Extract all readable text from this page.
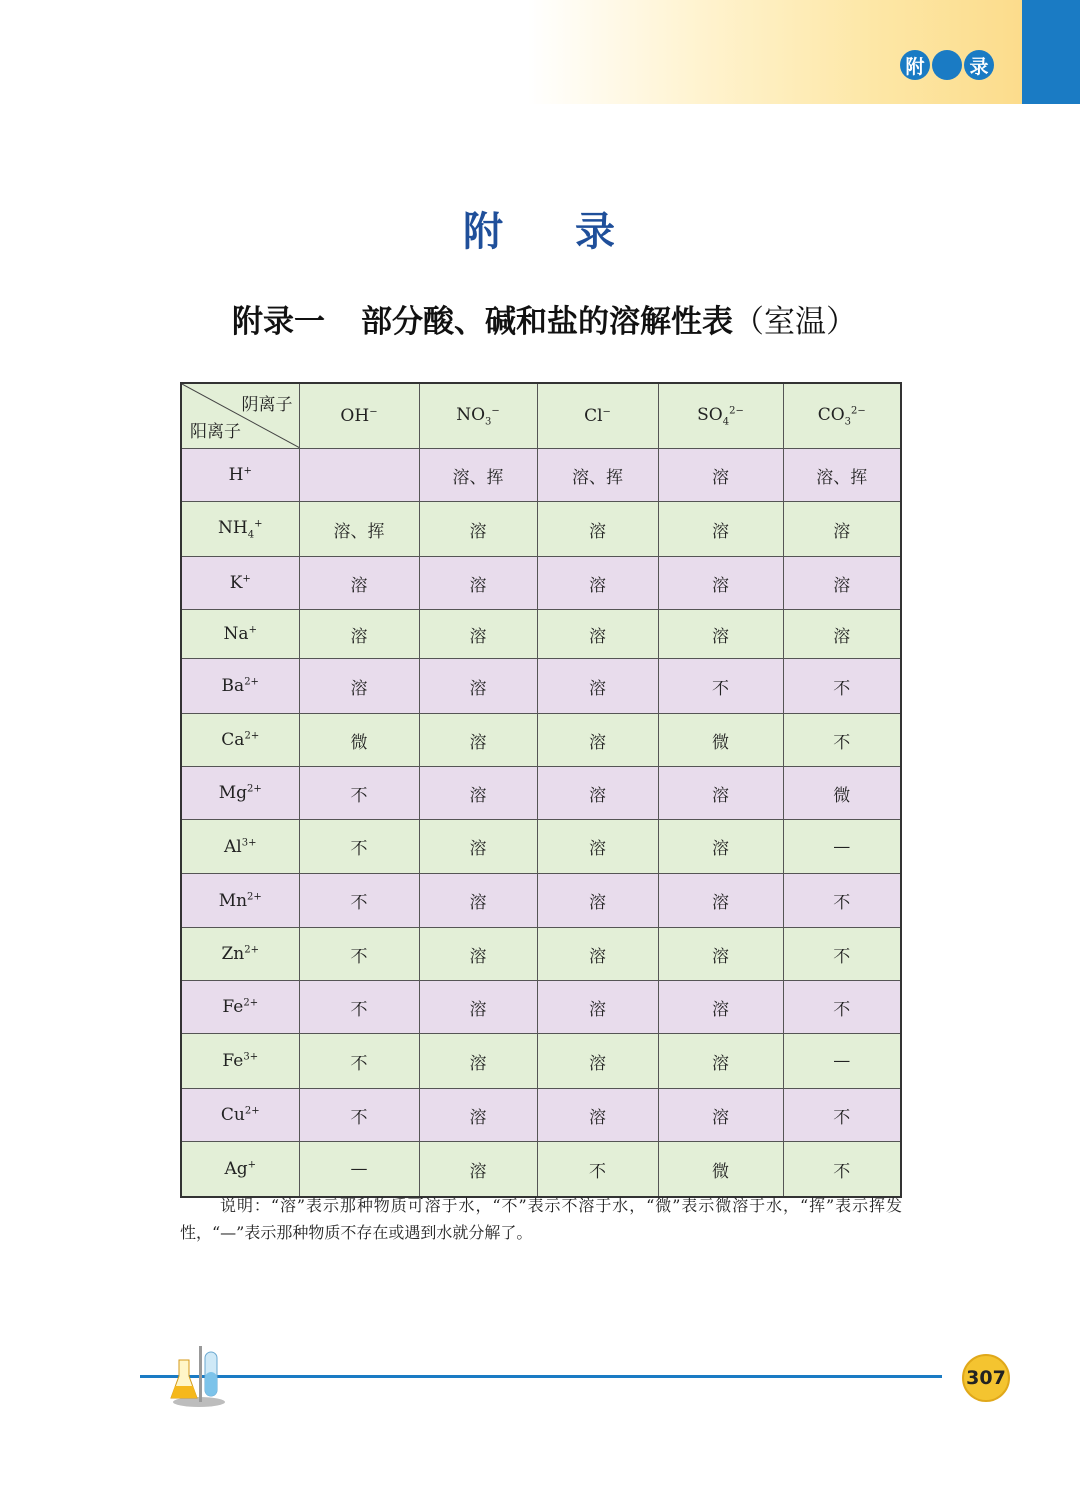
附 录
附 录
附录一 部分酸、碱和盐的溶解性表（室温）
阴离子
阳离子	OH−	$NO_3^-$	Cl−	$SO_4^{2-}$	$CO_3^{2-}$
H+		溶、挥	溶、挥	溶	溶、挥
$NH_4^+$	溶、挥	溶	溶	溶	溶
K+	溶	溶	溶	溶	溶
Na+	溶	溶	溶	溶	溶
$Ba^{2+}$	溶	溶	溶	不	不
$Ca^{2+}$	微	溶	溶	微	不
$Mg^{2+}$	不	溶	溶	溶	微
$Al^{3+}$	不	溶	溶	溶	—
$Mn^{2+}$	不	溶	溶	溶	不
$Zn^{2+}$	不	溶	溶	溶	不
$Fe^{2+}$	不	溶	溶	溶	不
$Fe^{3+}$	不	溶	溶	溶	—
$Cu^{2+}$	不	溶	溶	溶	不
Ag+	—	溶	不	微	不
说明：“溶”表示那种物质可溶于水，“不”表示不溶于水，“微”表示微溶于水，“挥”表示挥发性，“—”表示那种物质不存在或遇到水就分解了。
307
